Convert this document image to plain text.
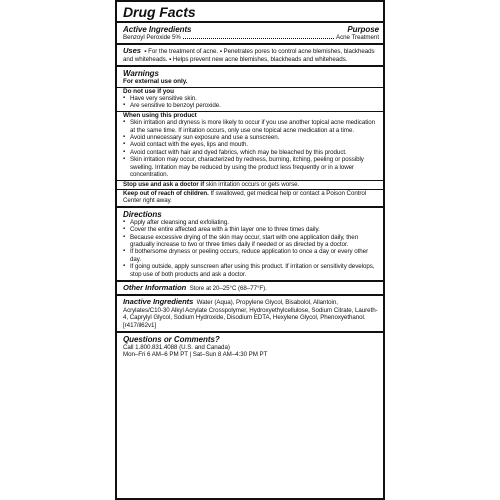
Drug Facts
Active Ingredients	Purpose
Benzoyl Peroxide 5%	Acne Treatment
Uses  ▪ For the treatment of acne. ▪ Penetrates pores to control acne blemishes, blackheads and whiteheads. ▪ Helps prevent new acne blemishes, blackheads and whiteheads.
Warnings
For external use only.
Do not use if you
▪ Have very sensitive skin.
▪ Are sensitive to benzoyl peroxide.
When using this product
▪ Skin irritation and dryness is more likely to occur if you use another topical acne medication at the same time. If irritation occurs, only use one topical acne medication at a time.
▪ Avoid unnecessary sun exposure and use a sunscreen.
▪ Avoid contact with the eyes, lips and mouth.
▪ Avoid contact with hair and dyed fabrics, which may be bleached by this product.
▪ Skin irritation may occur, characterized by redness, burning, itching, peeling or possibly swelling. Irritation may be reduced by using the product less frequently or in a lower concentration.
Stop use and ask a doctor if skin irritation occurs or gets worse.
Keep out of reach of children. If swallowed, get medical help or contact a Poison Control Center right away.
Directions
▪ Apply after cleansing and exfoliating.
▪ Cover the entire affected area with a thin layer one to three times daily.
▪ Because excessive drying of the skin may occur, start with one application daily, then gradually increase to two or three times daily if needed or as directed by a doctor.
▪ If bothersome dryness or peeling occurs, reduce application to once a day or every other day.
▪ If going outside, apply sunscreen after using this product. If irritation or sensitivity develops, stop use of both products and ask a doctor.
Other Information Store at 20–25°C (68–77°F).
Inactive Ingredients Water (Aqua), Propylene Glycol, Bisabolol, Allantoin, Acrylates/C10-30 Alkyl Acrylate Crosspolymer, Hydroxyethylcellulose, Sodium Citrate, Laureth-4, Caprylyl Glycol, Sodium Hydroxide, Disodium EDTA, Hexylene Glycol, Phenoxyethanol. [r417/il62v1]
Questions or Comments?
Call 1.800.831.4088 (U.S. and Canada)
Mon–Fri 6 AM–6 PM PT | Sat–Sun 8 AM–4:30 PM PT
